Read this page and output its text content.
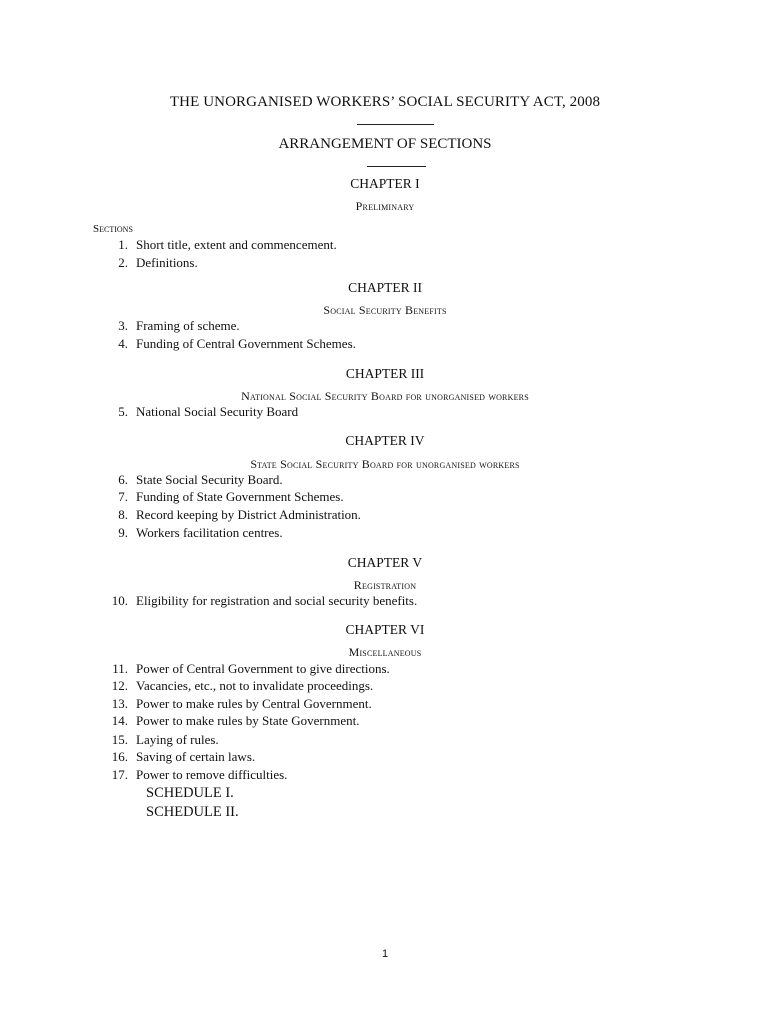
THE UNORGANISED WORKERS’ SOCIAL SECURITY ACT, 2008
ARRANGEMENT OF SECTIONS
CHAPTER I
Preliminary
Sections
1. Short title, extent and commencement.
2. Definitions.
CHAPTER II
Social Security Benefits
3. Framing of scheme.
4. Funding of Central Government Schemes.
CHAPTER III
National Social Security Board for unorganised workers
5. National Social Security Board
CHAPTER IV
State Social Security Board for unorganised workers
6. State Social Security Board.
7. Funding of State Government Schemes.
8. Record keeping by District Administration.
9. Workers facilitation centres.
CHAPTER V
Registration
10. Eligibility for registration and social security benefits.
CHAPTER VI
Miscellaneous
11. Power of Central Government to give directions.
12. Vacancies, etc., not to invalidate proceedings.
13. Power to make rules by Central Government.
14. Power to make rules by State Government.
15. Laying of rules.
16. Saving of certain laws.
17. Power to remove difficulties.
SCHEDULE I.
SCHEDULE II.
1
